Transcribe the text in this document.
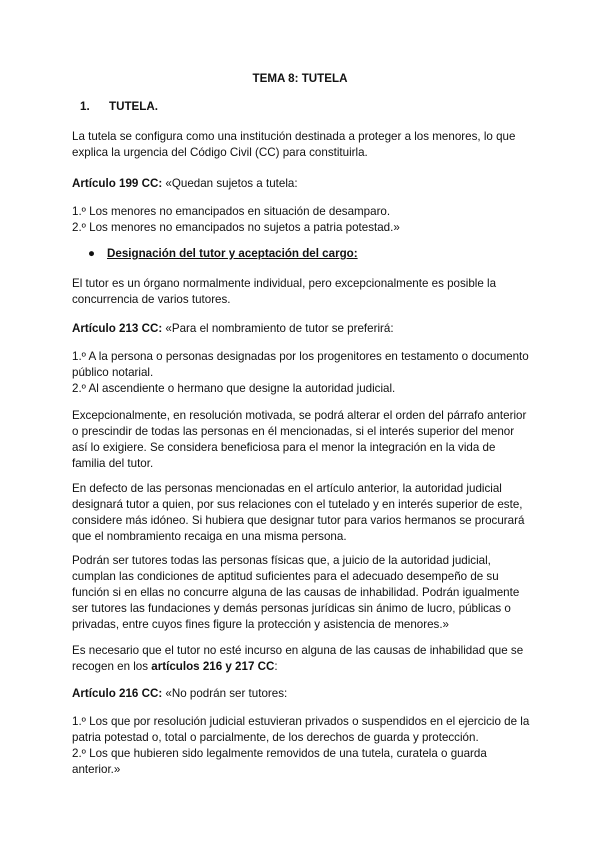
TEMA 8: TUTELA
1. TUTELA.

La tutela se configura como una institución destinada a proteger a los menores, lo que explica la urgencia del Código Civil (CC) para constituirla.

Artículo 199 CC: «Quedan sujetos a tutela:

1.º Los menores no emancipados en situación de desamparo.

2.º Los menores no emancipados no sujetos a patria potestad.»

● Designación del tutor y aceptación del cargo:

El tutor es un órgano normalmente individual, pero excepcionalmente es posible la concurrencia de varios tutores.

Artículo 213 CC: «Para el nombramiento de tutor se preferirá:

1.º A la persona o personas designadas por los progenitores en testamento o documento público notarial.

2.º Al ascendiente o hermano que designe la autoridad judicial.

Excepcionalmente, en resolución motivada, se podrá alterar el orden del párrafo anterior o prescindir de todas las personas en él mencionadas, si el interés superior del menor así lo exigiere. Se considera beneficiosa para el menor la integración en la vida de familia del tutor.

En defecto de las personas mencionadas en el artículo anterior, la autoridad judicial designará tutor a quien, por sus relaciones con el tutelado y en interés superior de este, considere más idóneo. Si hubiera que designar tutor para varios hermanos se procurará que el nombramiento recaiga en una misma persona.

Podrán ser tutores todas las personas físicas que, a juicio de la autoridad judicial, cumplan las condiciones de aptitud suficientes para el adecuado desempeño de su función si en ellas no concurre alguna de las causas de inhabilidad. Podrán igualmente ser tutores las fundaciones y demás personas jurídicas sin ánimo de lucro, públicas o privadas, entre cuyos fines figure la protección y asistencia de menores.»

Es necesario que el tutor no esté incurso en alguna de las causas de inhabilidad que se recogen en los artículos 216 y 217 CC:

Artículo 216 CC: «No podrán ser tutores:

1.º Los que por resolución judicial estuvieran privados o suspendidos en el ejercicio de la patria potestad o, total o parcialmente, de los derechos de guarda y protección.

2.º Los que hubieren sido legalmente removidos de una tutela, curatela o guarda anterior.»
